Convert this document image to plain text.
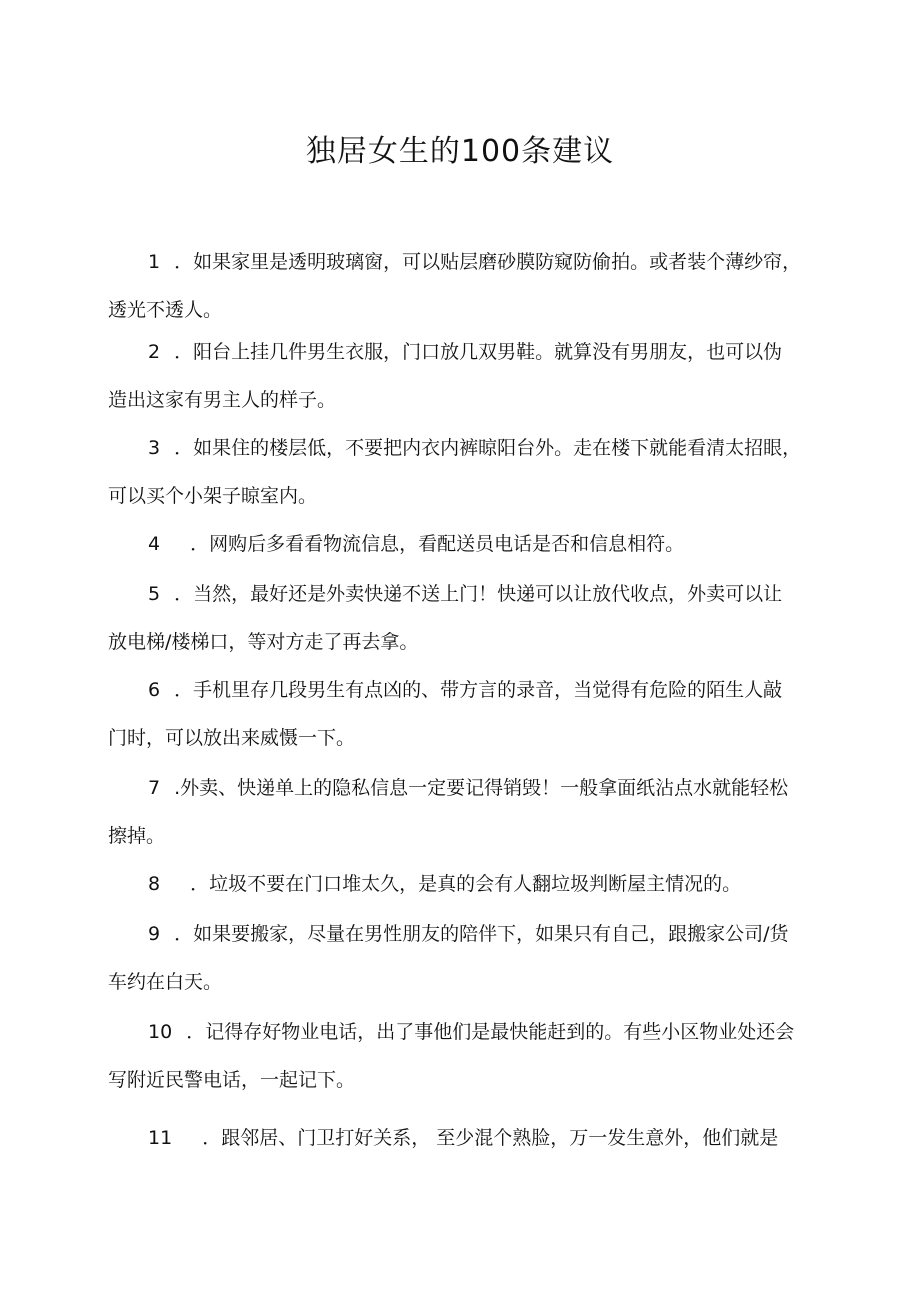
独居女生的100条建议
1 ．如果家里是透明玻璃窗，可以贴层磨砂膜防窥防偷拍。或者装个薄纱帘，
透光不透人。
2 ．阳台上挂几件男生衣服，门口放几双男鞋。就算没有男朋友，也可以伪
造出这家有男主人的样子。
3 ．如果住的楼层低，不要把内衣内裤晾阳台外。走在楼下就能看清太招眼，
可以买个小架子晾室内。
4 ．网购后多看看物流信息，看配送员电话是否和信息相符。
5 ．当然，最好还是外卖快递不送上门！快递可以让放代收点，外卖可以让
放电梯/楼梯口，等对方走了再去拿。
6 ．手机里存几段男生有点凶的、带方言的录音，当觉得有危险的陌生人敲
门时，可以放出来威慑一下。
7 .外卖、快递单上的隐私信息一定要记得销毁！一般拿面纸沾点水就能轻松
擦掉。
8 ．垃圾不要在门口堆太久，是真的会有人翻垃圾判断屋主情况的。
9 ．如果要搬家，尽量在男性朋友的陪伴下，如果只有自己，跟搬家公司/货
车约在白天。
10 ．记得存好物业电话，出了事他们是最快能赶到的。有些小区物业处还会
写附近民警电话，一起记下。
11 ．跟邻居、门卫打好关系， 至少混个熟脸，万一发生意外，他们就是
